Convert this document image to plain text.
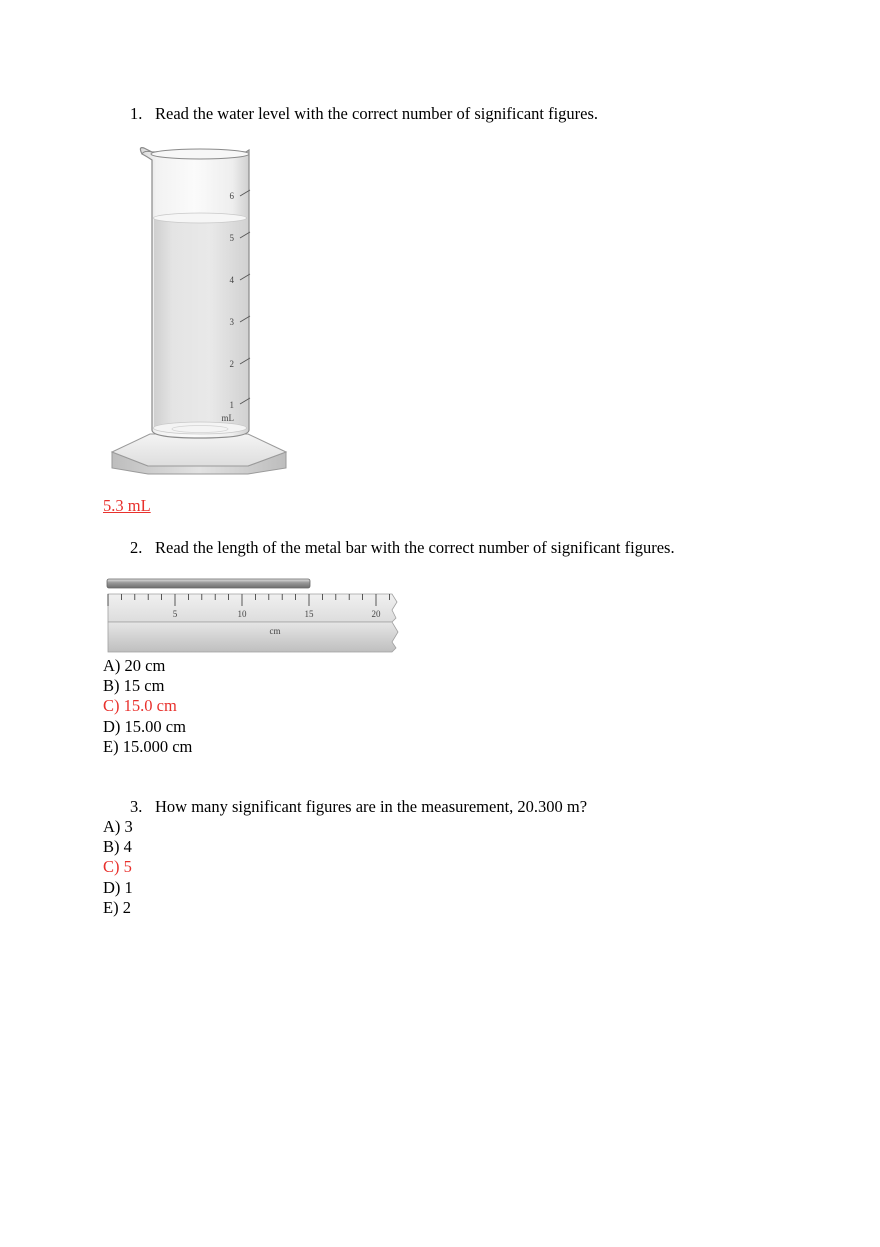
1. Read the water level with the correct number of significant figures.
6
5
4
3
2
1
mL
5.3 mL
2. Read the length of the metal bar with the correct number of significant figures.
5	10	15	20
cm
A) 20 cm
B) 15 cm
C) 15.0 cm
D) 15.00 cm
E) 15.000 cm
3. How many significant figures are in the measurement, 20.300 m?
A) 3
B) 4
C) 5
D) 1
E) 2
